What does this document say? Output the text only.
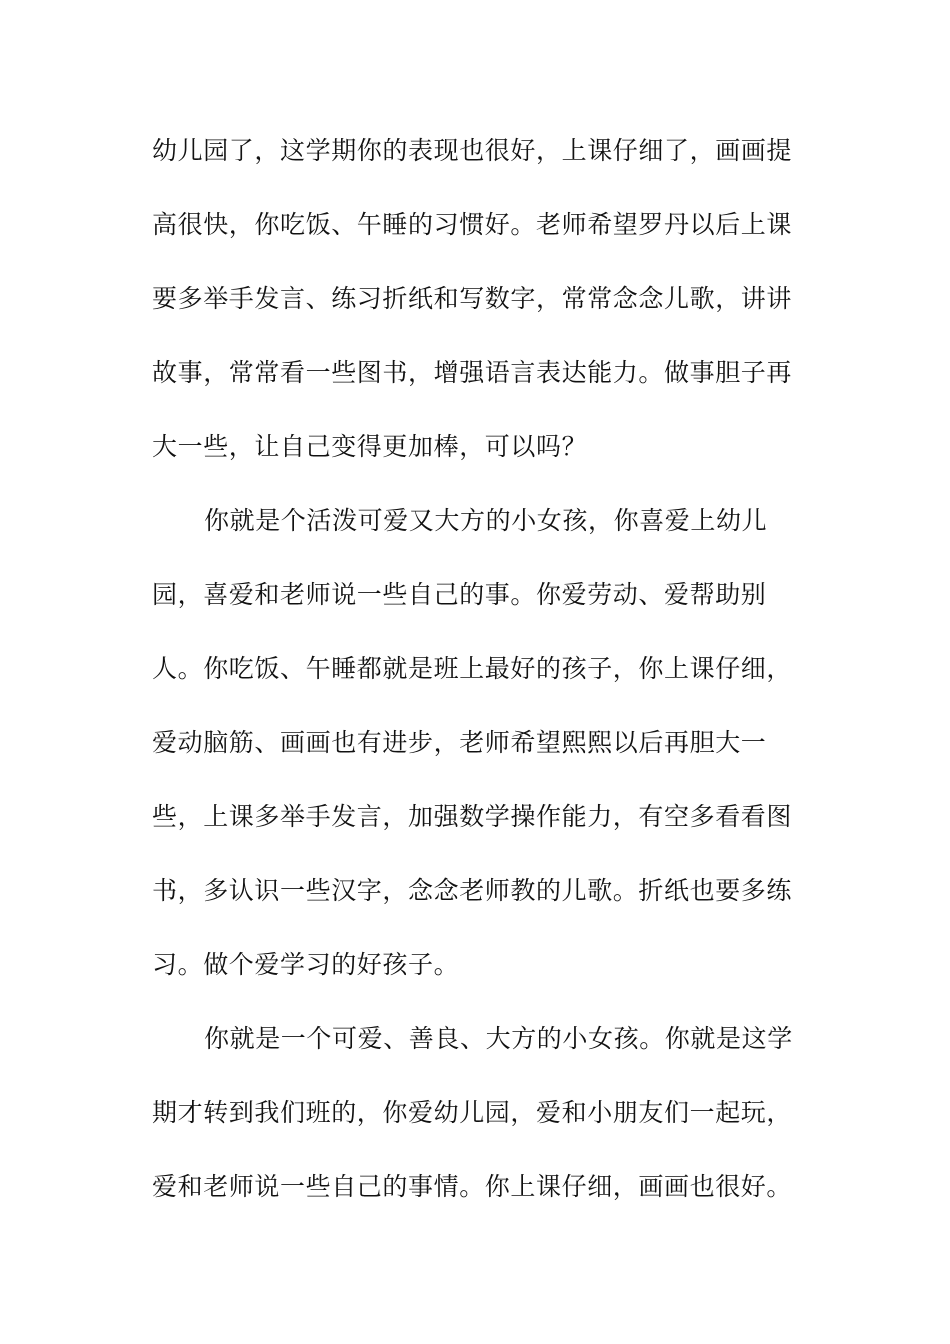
幼儿园了，这学期你的表现也很好，上课仔细了，画画提
高很快，你吃饭、午睡的习惯好。老师希望罗丹以后上课
要多举手发言、练习折纸和写数字，常常念念儿歌，讲讲
故事，常常看一些图书，增强语言表达能力。做事胆子再
大一些，让自己变得更加棒，可以吗？
你就是个活泼可爱又大方的小女孩，你喜爱上幼儿
园，喜爱和老师说一些自己的事。你爱劳动、爱帮助别
人。你吃饭、午睡都就是班上最好的孩子，你上课仔细，
爱动脑筋、画画也有进步，老师希望熙熙以后再胆大一
些，上课多举手发言，加强数学操作能力，有空多看看图
书，多认识一些汉字，念念老师教的儿歌。折纸也要多练
习。做个爱学习的好孩子。
你就是一个可爱、善良、大方的小女孩。你就是这学
期才转到我们班的，你爱幼儿园，爱和小朋友们一起玩，
爱和老师说一些自己的事情。你上课仔细，画画也很好。
